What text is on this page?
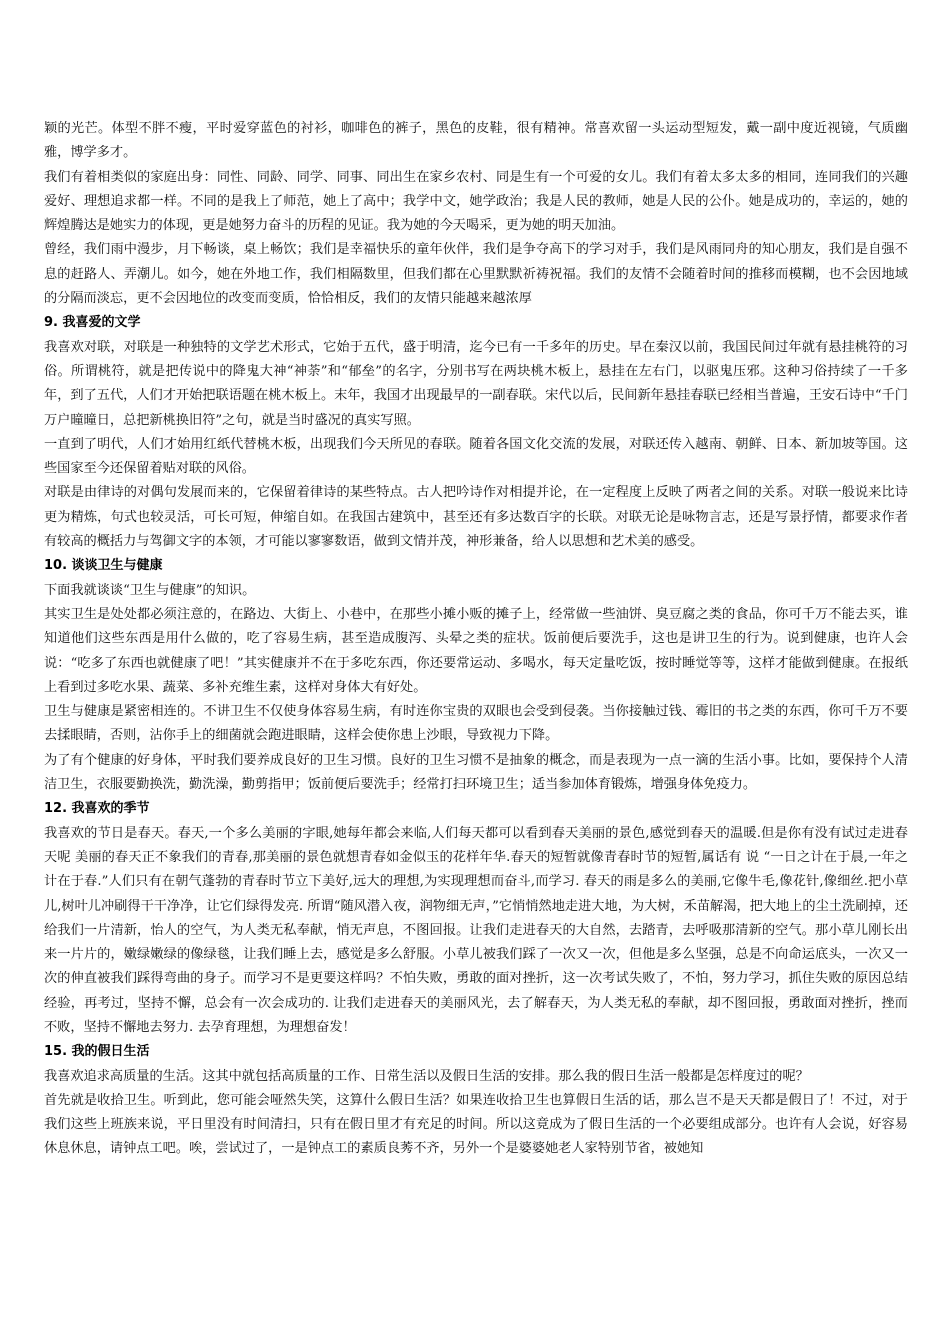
颖的光芒。体型不胖不瘦，平时爱穿蓝色的衬衫，咖啡色的裤子，黑色的皮鞋，很有精神。常喜欢留一头运动型短发，戴一副中度近视镜，气质幽雅，博学多才。

我们有着相类似的家庭出身：同性、同龄、同学、同事、同出生在家乡农村、同是生有一个可爱的女儿。我们有着太多太多的相同，连同我们的兴趣爱好、理想追求都一样。不同的是我上了师范，她上了高中；我学中文，她学政治；我是人民的教师，她是人民的公仆。她是成功的，幸运的，她的辉煌腾达是她实力的体现，更是她努力奋斗的历程的见证。我为她的今天喝采，更为她的明天加油。

曾经，我们雨中漫步，月下畅谈，桌上畅饮；我们是幸福快乐的童年伙伴，我们是争夺高下的学习对手，我们是风雨同舟的知心朋友，我们是自强不息的赶路人、弄潮儿。如今，她在外地工作，我们相隔数里，但我们都在心里默默祈祷祝福。我们的友情不会随着时间的推移而模糊，也不会因地域的分隔而淡忘，更不会因地位的改变而变质，恰恰相反，我们的友情只能越来越浓厚

9. 我喜爱的文学

我喜欢对联，对联是一种独特的文学艺术形式，它始于五代，盛于明清，迄今已有一千多年的历史。早在秦汉以前，我国民间过年就有悬挂桃符的习俗。所谓桃符，就是把传说中的降鬼大神“神荼”和“郁垒”的名字，分别书写在两块桃木板上，悬挂在左右门，以驱鬼压邪。这种习俗持续了一千多年，到了五代，人们才开始把联语题在桃木板上。末年，我国才出现最早的一副春联。宋代以后，民间新年悬挂春联已经相当普遍，王安石诗中“千门万户曈曈日，总把新桃换旧符”之句，就是当时盛况的真实写照。

一直到了明代，人们才始用红纸代替桃木板，出现我们今天所见的春联。随着各国文化交流的发展，对联还传入越南、朝鲜、日本、新加坡等国。这些国家至今还保留着贴对联的风俗。

对联是由律诗的对偶句发展而来的，它保留着律诗的某些特点。古人把吟诗作对相提并论，在一定程度上反映了两者之间的关系。对联一般说来比诗更为精炼，句式也较灵活，可长可短，伸缩自如。在我国古建筑中，甚至还有多达数百字的长联。对联无论是咏物言志，还是写景抒情，都要求作者有较高的概括力与驾御文字的本领，才可能以寥寥数语，做到文情并茂，神形兼备，给人以思想和艺术美的感受。

10. 谈谈卫生与健康

下面我就谈谈“卫生与健康”的知识。

其实卫生是处处都必须注意的，在路边、大街上、小巷中，在那些小摊小贩的摊子上，经常做一些油饼、臭豆腐之类的食品，你可千万不能去买，谁知道他们这些东西是用什么做的，吃了容易生病，甚至造成腹泻、头晕之类的症状。饭前便后要洗手，这也是讲卫生的行为。说到健康，也许人会说：“吃多了东西也就健康了吧！”其实健康并不在于多吃东西，你还要常运动、多喝水，每天定量吃饭，按时睡觉等等，这样才能做到健康。在报纸上看到过多吃水果、蔬菜、多补充维生素，这样对身体大有好处。

卫生与健康是紧密相连的。不讲卫生不仅使身体容易生病，有时连你宝贵的双眼也会受到侵袭。当你接触过钱、霉旧的书之类的东西，你可千万不要去揉眼睛，否则，沾你手上的细菌就会跑进眼睛，这样会使你患上沙眼，导致视力下降。

为了有个健康的好身体，平时我们要养成良好的卫生习惯。良好的卫生习惯不是抽象的概念，而是表现为一点一滴的生活小事。比如，要保持个人清洁卫生，衣服要勤换洗，勤洗澡，勤剪指甲；饭前便后要洗手；经常打扫环境卫生；适当参加体育锻炼，增强身体免疫力。

12. 我喜欢的季节

我喜欢的节日是春天。春天,一个多么美丽的字眼,她每年都会来临,人们每天都可以看到春天美丽的景色,感觉到春天的温暖.但是你有没有试过走进春天呢 美丽的春天正不象我们的青春,那美丽的景色就想青春如金似玉的花样年华.春天的短暂就像青春时节的短暂,属话有 说 “一日之计在于晨,一年之计在于春.”人们只有在朝气蓬勃的青春时节立下美好,远大的理想,为实现理想而奋斗,而学习. 春天的雨是多么的美丽,它像牛毛,像花针,像细丝.把小草儿,树叶儿冲刷得干干净净，让它们绿得发亮. 所谓“随风潜入夜，润物细无声，”它悄悄然地走进大地，为大树，禾苗解渴，把大地上的尘土洗刷掉，还给我们一片清新，怡人的空气，为人类无私奉献，悄无声息，不图回报。让我们走进春天的大自然，去踏青，去呼吸那清新的空气。那小草儿刚长出来一片片的，嫩绿嫩绿的像绿毯，让我们睡上去，感觉是多么舒服。小草儿被我们踩了一次又一次，但他是多么坚强，总是不向命运底头，一次又一次的伸直被我们踩得弯曲的身子。而学习不是更要这样吗？不怕失败，勇敢的面对挫折，这一次考试失败了，不怕，努力学习，抓住失败的原因总结经验，再考过，坚持不懈，总会有一次会成功的. 让我们走进春天的美丽风光，去了解春天，为人类无私的奉献，却不图回报，勇敢面对挫折，挫而不败，坚持不懈地去努力. 去孕育理想，为理想奋发！

15. 我的假日生活

我喜欢追求高质量的生活。这其中就包括高质量的工作、日常生活以及假日生活的安排。那么我的假日生活一般都是怎样度过的呢？

首先就是收拾卫生。听到此，您可能会哑然失笑，这算什么假日生活？如果连收拾卫生也算假日生活的话，那么岂不是天天都是假日了！不过，对于我们这些上班族来说，平日里没有时间清扫，只有在假日里才有充足的时间。所以这竟成为了假日生活的一个必要组成部分。也许有人会说，好容易休息休息，请钟点工吧。唉，尝试过了，一是钟点工的素质良莠不齐，另外一个是婆婆她老人家特别节省，被她知
